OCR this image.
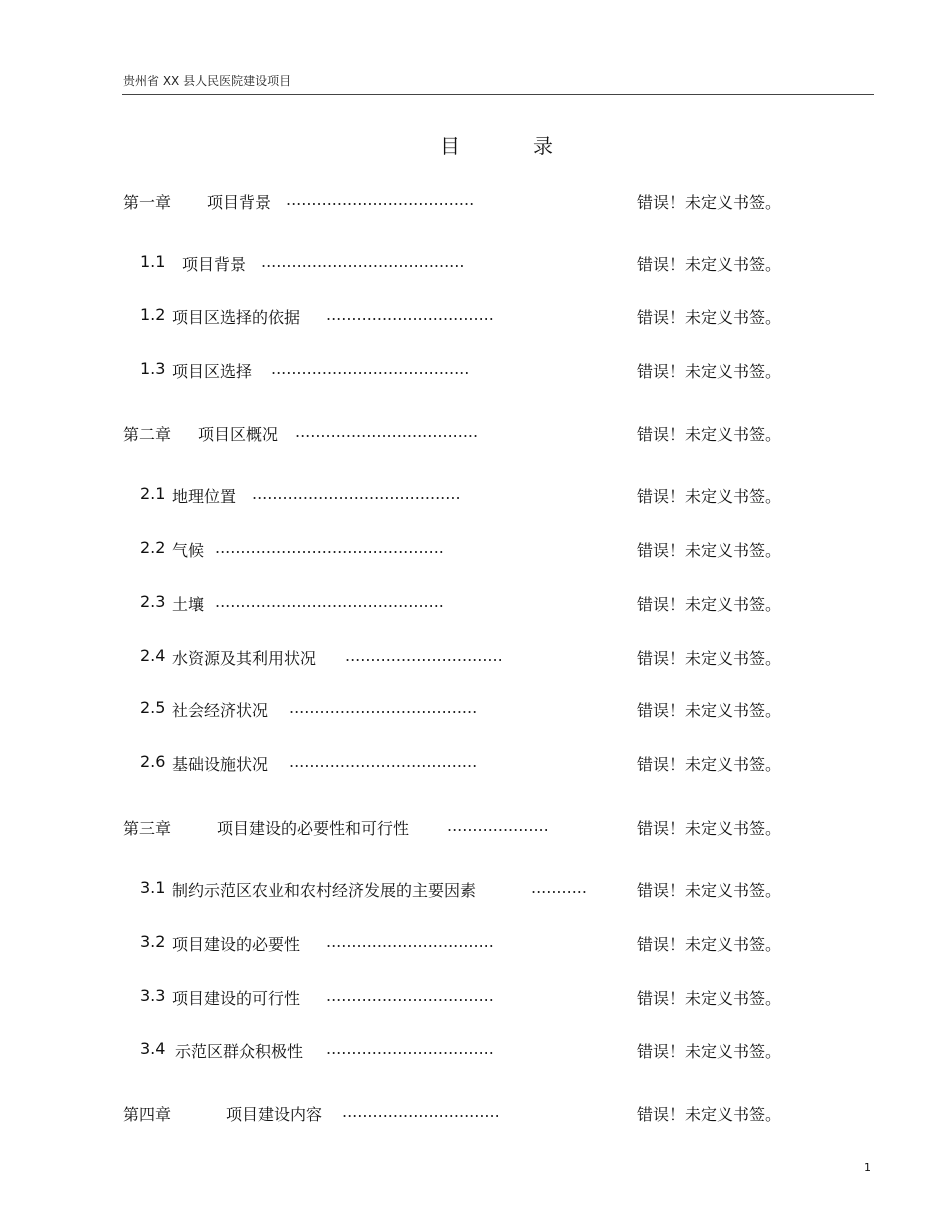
贵州省 XX 县人民医院建设项目
目	录
第一章 项目背景 .....................................	错误！未定义书签。
1.1 项目背景 ........................................	错误！未定义书签。
1.2 项目区选择的依据 .................................	错误！未定义书签。
1.3 项目区选择 .......................................	错误！未定义书签。
第二章 项目区概况 ....................................	错误！未定义书签。
2.1 地理位置 .........................................	错误！未定义书签。
2.2 气候 .............................................	错误！未定义书签。
2.3 土壤 .............................................	错误！未定义书签。
2.4 水资源及其利用状况 ...............................	错误！未定义书签。
2.5 社会经济状况 .....................................	错误！未定义书签。
2.6 基础设施状况 .....................................	错误！未定义书签。
第三章	项目建设的必要性和可行性 ....................	错误！未定义书签。
3.1 制约示范区农业和农村经济发展的主要因素	...........	错误！未定义书签。
3.2 项目建设的必要性 .................................	错误！未定义书签。
3.3 项目建设的可行性 .................................	错误！未定义书签。
3.4 示范区群众积极性 .................................	错误！未定义书签。
第四章	项目建设内容 ...............................	错误！未定义书签。
1
